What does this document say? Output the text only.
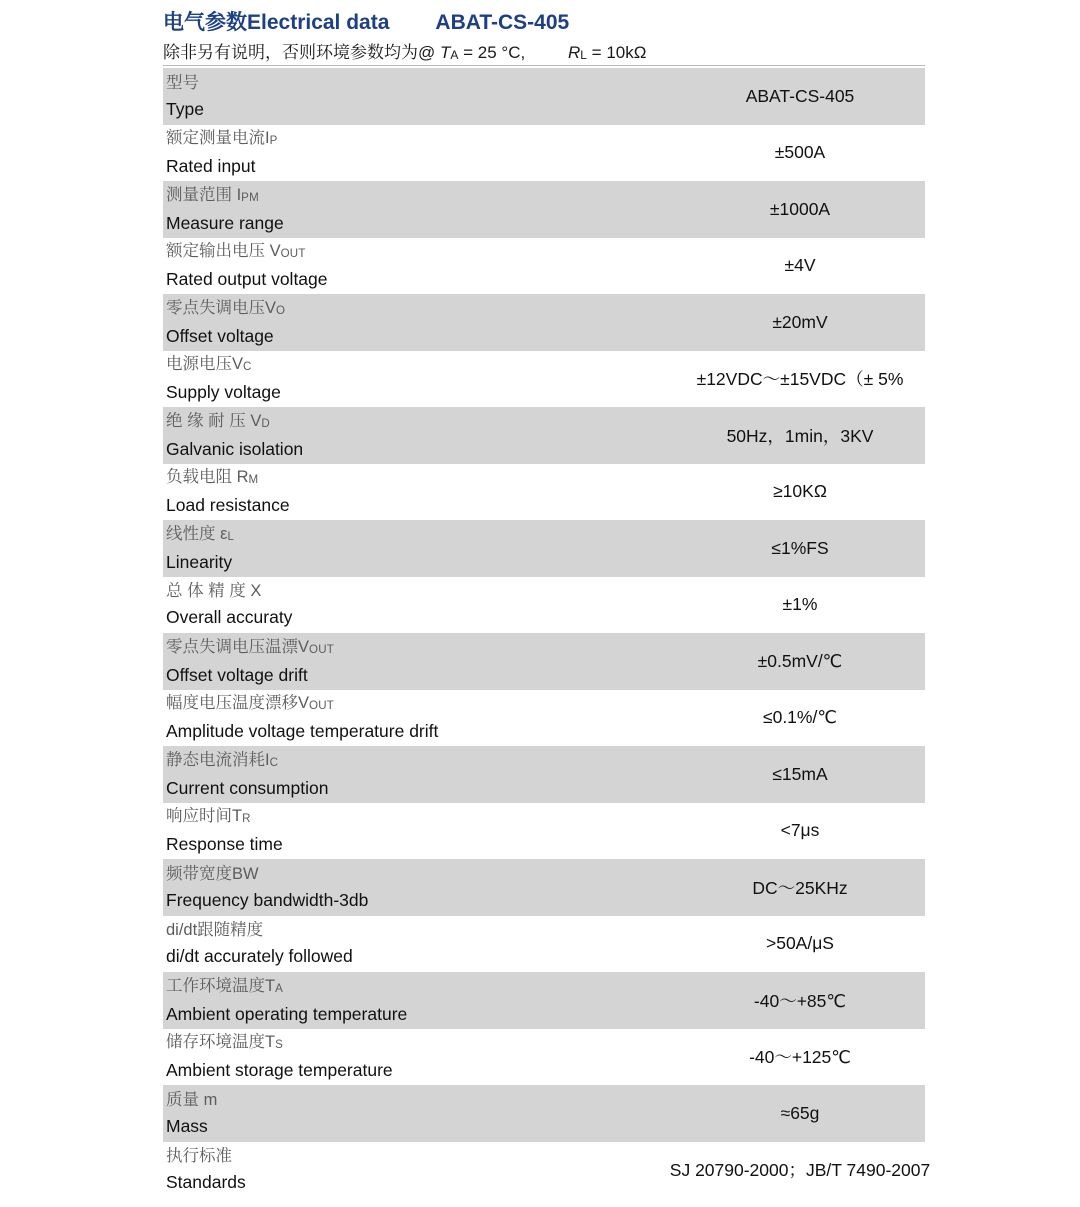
电气参数Electrical data ABAT-CS-405
除非另有说明，否则环境参数均为@ TA = 25 °C,	RL = 10kΩ
型号
Type
ABAT-CS-405
额定测量电流IP
Rated input
±500A
测量范围 IPM
Measure range
±1000A
额定输出电压 VOUT
Rated output voltage
±4V
零点失调电压VO
Offset voltage
±20mV
电源电压VC
Supply voltage
±12VDC～±15VDC（± 5%
绝 缘 耐 压 VD
Galvanic isolation
50Hz，1min，3KV
负载电阻 RM
Load resistance
≥10KΩ
线性度 εL
Linearity
≤1%FS
总 体 精 度 X
Overall accuraty
±1%
零点失调电压温漂VOUT
Offset voltage drift
±0.5mV/℃
幅度电压温度漂移VOUT
Amplitude voltage temperature drift
≤0.1%/℃
静态电流消耗IC
Current consumption
≤15mA
响应时间TR
Response time
<7μs
频带宽度BW
Frequency bandwidth-3db
DC～25KHz
di/dt跟随精度
di/dt accurately followed
>50A/μS
工作环境温度TA
Ambient operating temperature
-40～+85℃
储存环境温度TS
Ambient storage temperature
-40～+125℃
质量 m
Mass
≈65g
执行标准
Standards
SJ 20790-2000；JB/T 7490-2007
